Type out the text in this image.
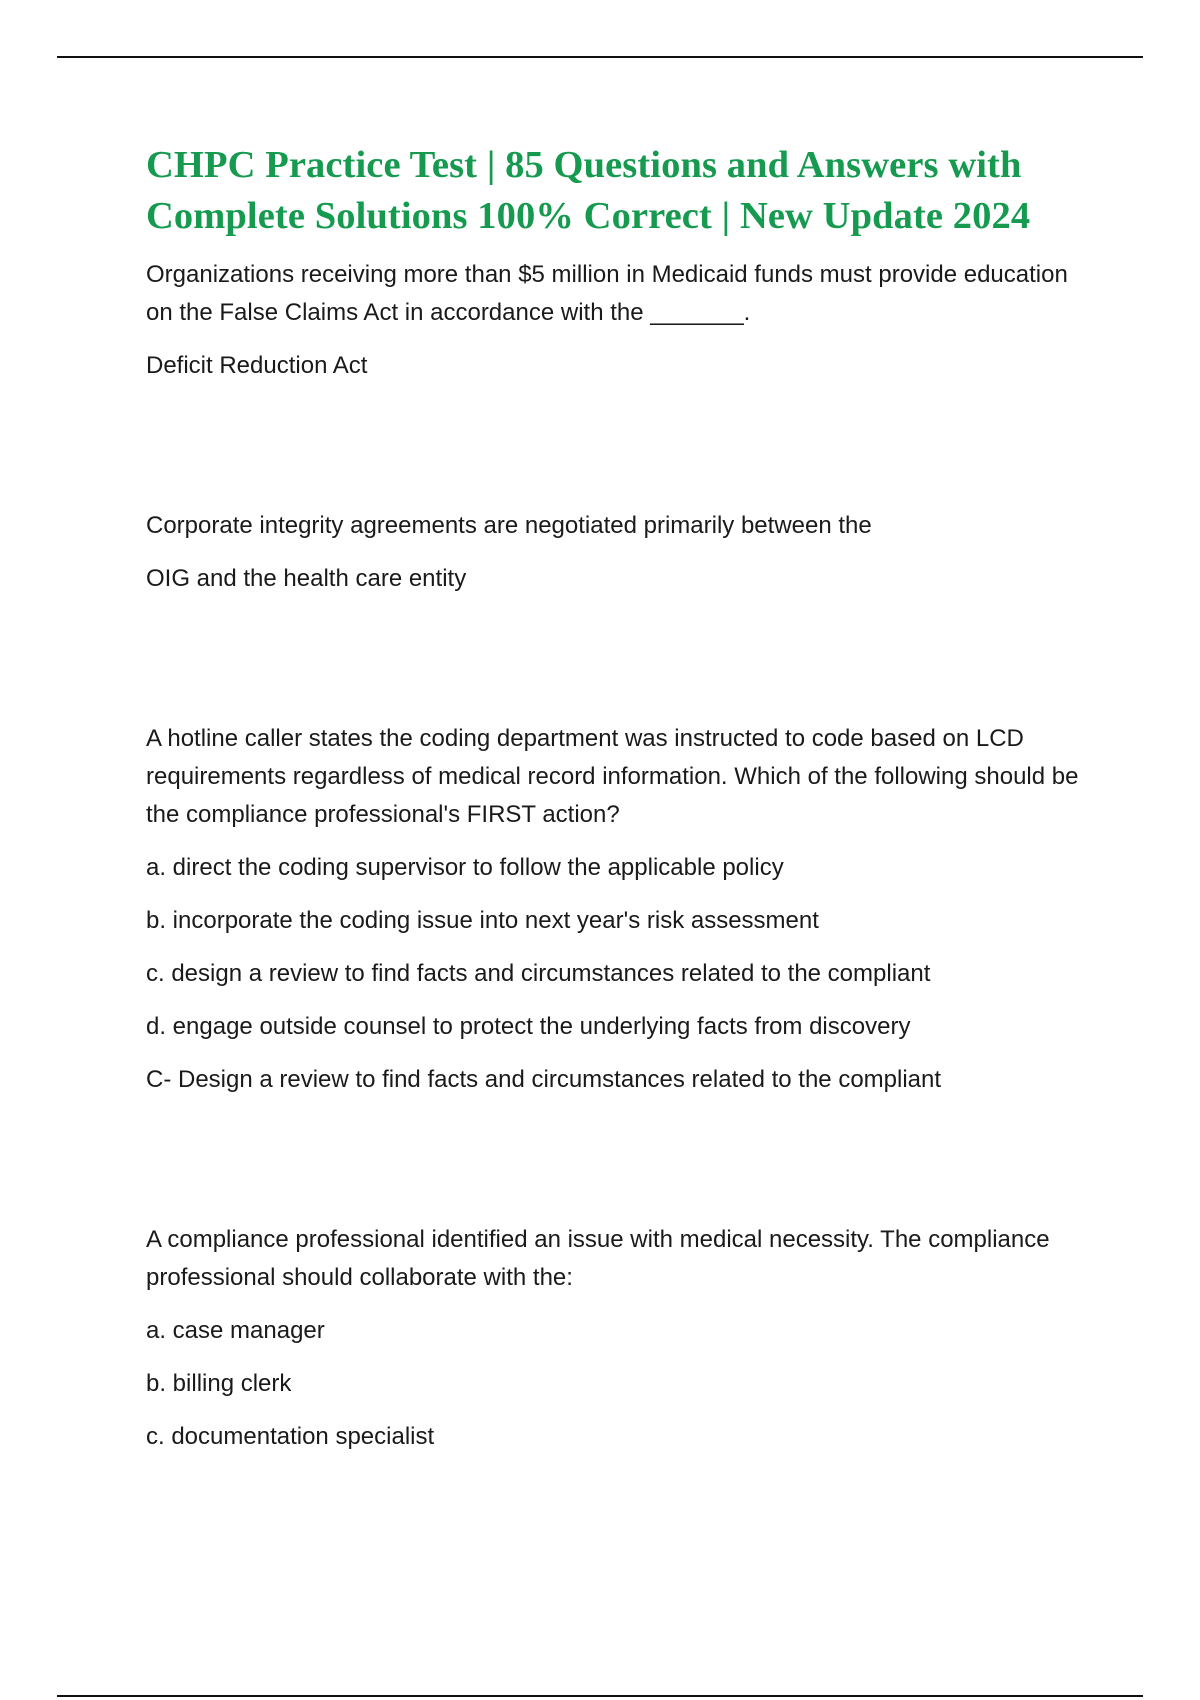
CHPC Practice Test | 85 Questions and Answers with Complete Solutions 100% Correct | New Update 2024

Organizations receiving more than $5 million in Medicaid funds must provide education on the False Claims Act in accordance with the _______.

Deficit Reduction Act

Corporate integrity agreements are negotiated primarily between the

OIG and the health care entity

A hotline caller states the coding department was instructed to code based on LCD requirements regardless of medical record information. Which of the following should be the compliance professional's FIRST action?

a. direct the coding supervisor to follow the applicable policy

b. incorporate the coding issue into next year's risk assessment

c. design a review to find facts and circumstances related to the compliant

d. engage outside counsel to protect the underlying facts from discovery

C- Design a review to find facts and circumstances related to the compliant

A compliance professional identified an issue with medical necessity. The compliance professional should collaborate with the:

a. case manager

b. billing clerk

c. documentation specialist
